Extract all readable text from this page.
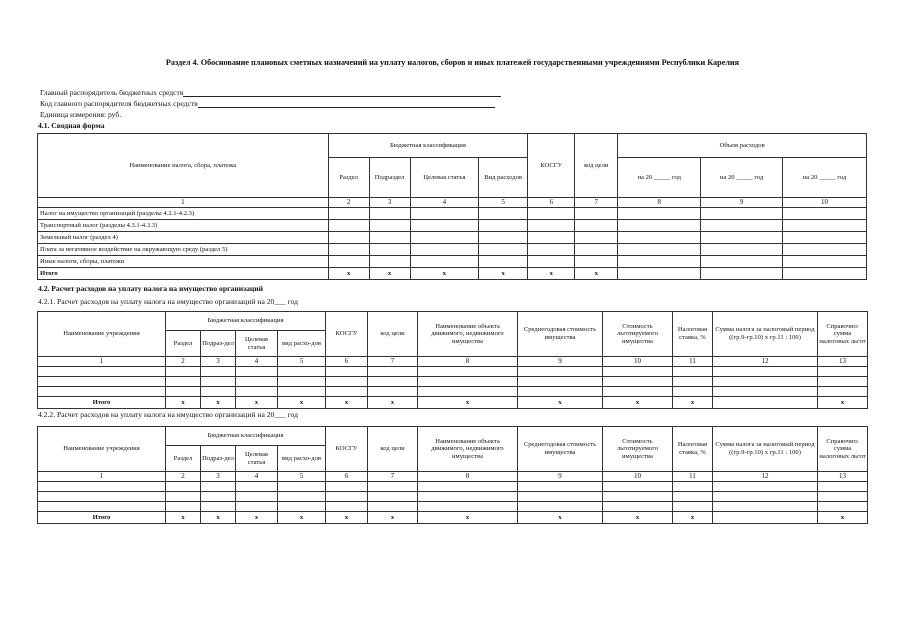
Раздел 4. Обоснование плановых сметных назначений на уплату налогов, сборов и иных платежей государственными учреждениями Республики Карелия
Главный распорядитель бюджетных средств
Код главного распорядителя бюджетных средств
Единица измерения: руб.
4.1. Сводная форма
Наименование налога, сбора, платежа	Бюджетная классификация				КОСГУ	код цели	Объем расходов		
	Раздел	Подраздел	Целевая статья	Вид расходов			на 20 _____ год	на 20 _____ год	на 20 _____ год
1	2	3	4	5	6	7	8	9	10
Налог на имущество организаций (разделы 4.2.1-4.2.3)									
Транспортный налог (разделы 4.3.1-4.3.3)									
Земельный налог (раздел 4)									
Плата за негативное воздействие на окружающую среду (раздел 5)									
Иные налоги, сборы, платежи									
Итого	x	x	x	x	x	x			
4.2. Расчет расходов на уплату налога на имущество организаций
4.2.1. Расчет расходов на уплату налога на имущество организаций на 20___ год
Наименование учреждения	Бюджетная классификация				КОСГУ	код цели	Наименование объекта движимого, недвижимого имущества	Среднегодовая стоимость имущества	Стоимость льготируемого имущества	Налоговая ставка, %	Сумма налога за налоговый период ((гр.9-гр.10) х гр.11 : 100)	Справочно: сумма налоговых льгот
	Раздел	Подраз-дел	Целевая статья	вид расхо-дов								
1	2	3	4	5	6	7	8	9	10	11	12	13

Итого	x	x	x	x	x	x	x	x	x	x		x
4.2.2. Расчет расходов на уплату налога на имущество организаций на 20___ год
Наименование учреждения	Бюджетная классификация				КОСГУ	код цели	Наименование объекта движимого, недвижимого имущества	Среднегодовая стоимость имущества	Стоимость льготируемого имущества	Налоговая ставка, %	Сумма налога за налоговый период ((гр.9-гр.10) х гр.11 : 100)	Справочно: сумма налоговых льгот
	Раздел	Подраз-дел	Целевая статья	вид расхо-дов								
1	2	3	4	5	6	7	8	9	10	11	12	13

Итого	x	x	x	x	x	x	x	x	x	x		x
